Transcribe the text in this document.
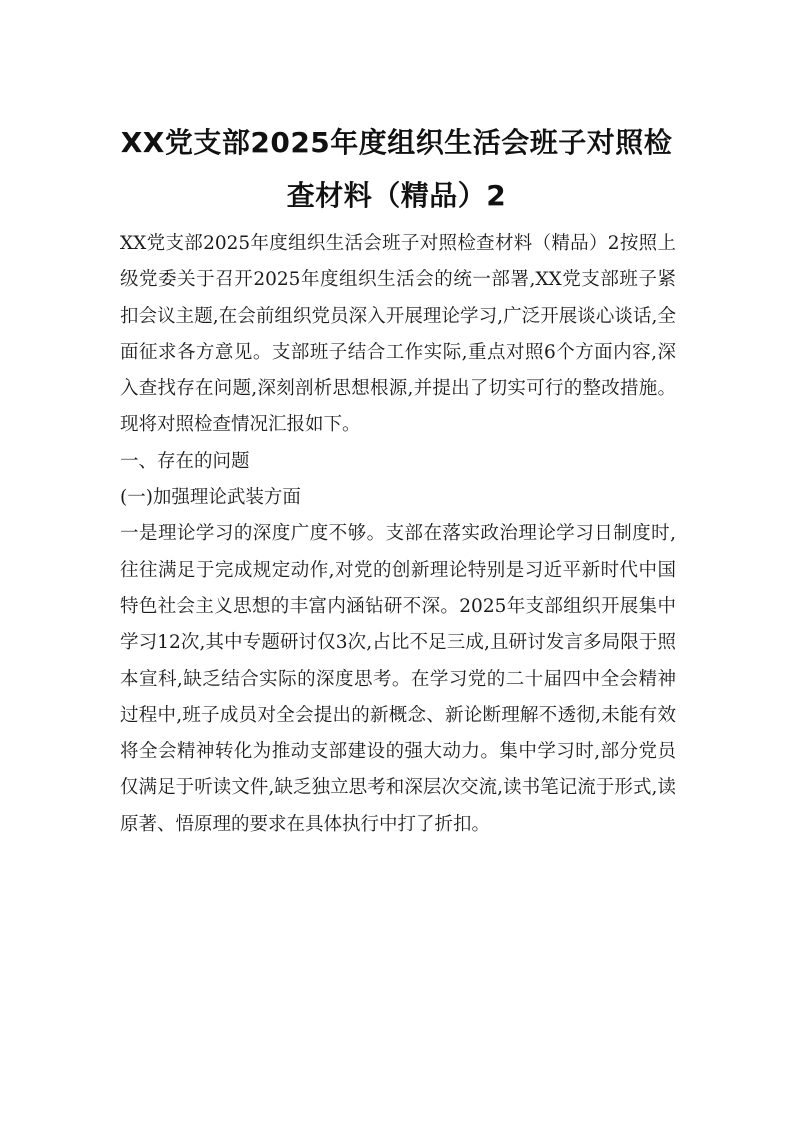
XX党支部2025年度组织生活会班子对照检查材料（精品）2

XX党支部2025年度组织生活会班子对照检查材料（精品）2按照上级党委关于召开2025年度组织生活会的统一部署,XX党支部班子紧扣会议主题,在会前组织党员深入开展理论学习,广泛开展谈心谈话,全面征求各方意见。支部班子结合工作实际,重点对照6个方面内容,深入查找存在问题,深刻剖析思想根源,并提出了切实可行的整改措施。现将对照检查情况汇报如下。

一、存在的问题

(一)加强理论武装方面

一是理论学习的深度广度不够。支部在落实政治理论学习日制度时,往往满足于完成规定动作,对党的创新理论特别是习近平新时代中国特色社会主义思想的丰富内涵钻研不深。2025年支部组织开展集中学习12次,其中专题研讨仅3次,占比不足三成,且研讨发言多局限于照本宣科,缺乏结合实际的深度思考。在学习党的二十届四中全会精神过程中,班子成员对全会提出的新概念、新论断理解不透彻,未能有效将全会精神转化为推动支部建设的强大动力。集中学习时,部分党员仅满足于听读文件,缺乏独立思考和深层次交流,读书笔记流于形式,读原著、悟原理的要求在具体执行中打了折扣。
